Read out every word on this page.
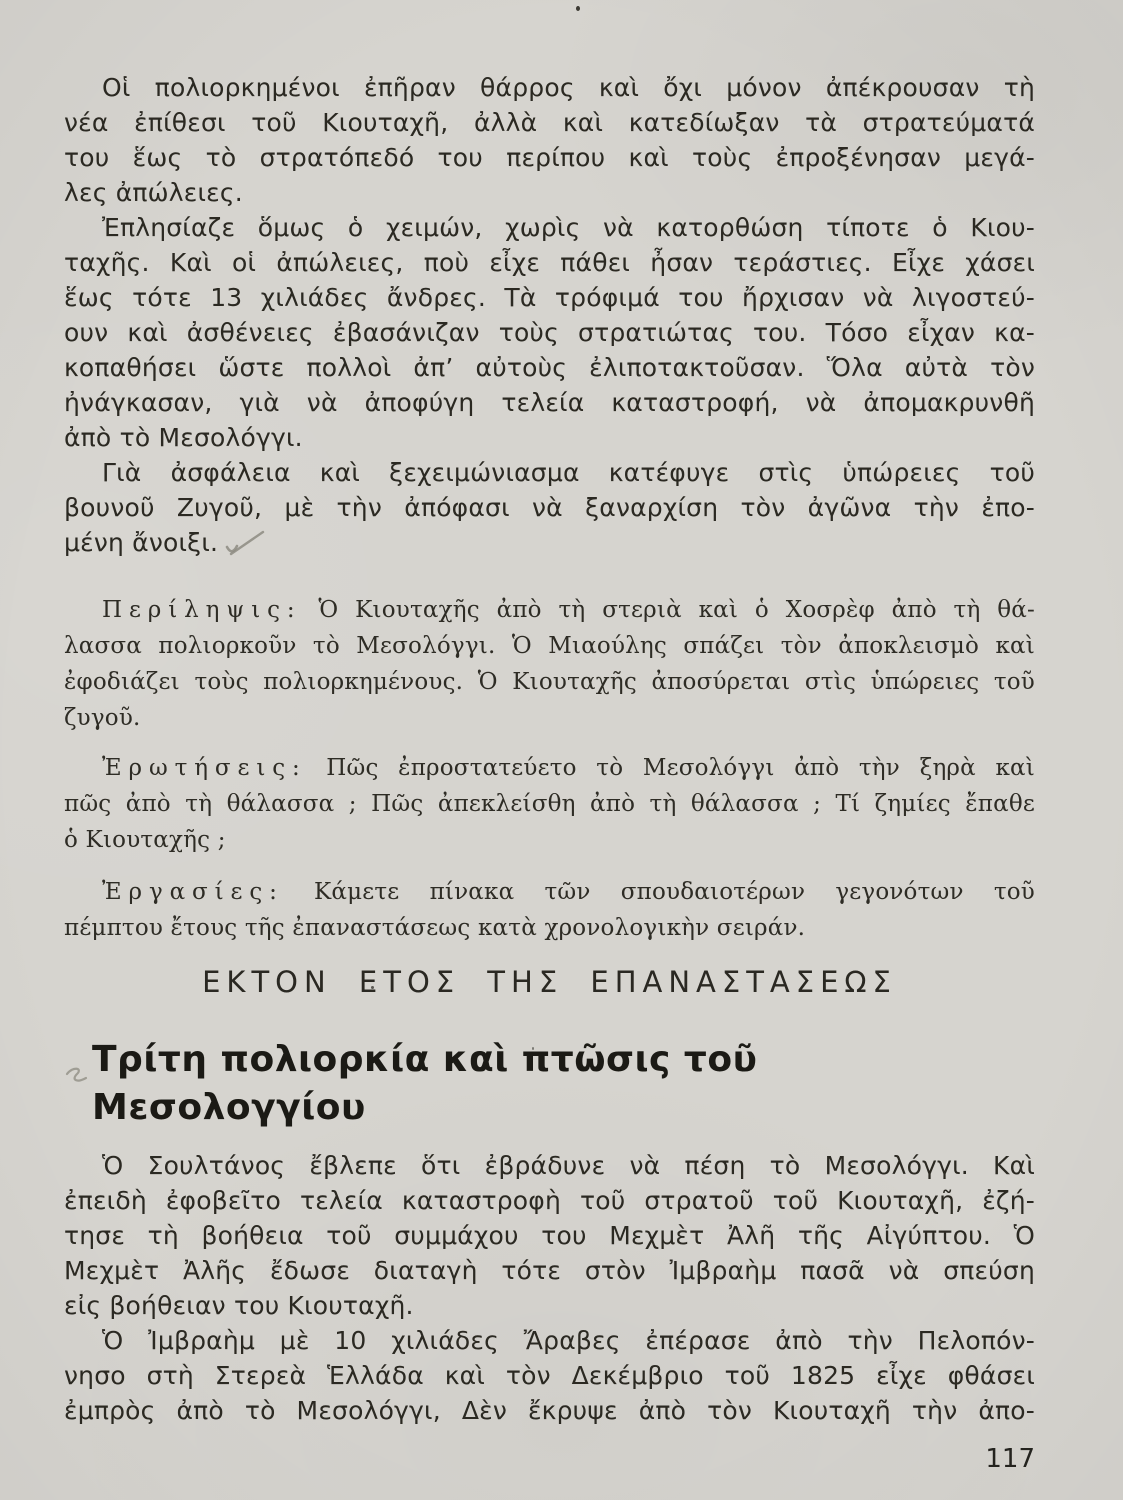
Οἱ πολιορκημένοι ἐπῆραν θάρρος καὶ ὄχι μόνον ἀπέκρουσαν τὴ
νέα ἐπίθεσι τοῦ Κιουταχῆ, ἀλλὰ καὶ κατεδίωξαν τὰ στρατεύματά
του ἕως τὸ στρατόπεδό του περίπου καὶ τοὺς ἐπροξένησαν μεγά-
λες ἀπώλειες.
Ἐπλησίαζε ὅμως ὁ χειμών, χωρὶς νὰ κατορθώση τίποτε ὁ Κιου-
ταχῆς. Καὶ οἱ ἀπώλειες, ποὺ εἶχε πάθει ἦσαν τεράστιες. Εἶχε χάσει
ἕως τότε 13 χιλιάδες ἄνδρες. Τὰ τρόφιμά του ἤρχισαν νὰ λιγοστεύ-
ουν καὶ ἀσθένειες ἐβασάνιζαν τοὺς στρατιώτας του. Τόσο εἶχαν κα-
κοπαθήσει ὥστε πολλοὶ ἀπ’ αὐτοὺς ἐλιποτακτοῦσαν. Ὅλα αὐτὰ τὸν
ἠνάγκασαν, γιὰ νὰ ἀποφύγη τελεία καταστροφή, νὰ ἀπομακρυνθῆ
ἀπὸ τὸ Μεσολόγγι.
Γιὰ ἀσφάλεια καὶ ξεχειμώνιασμα κατέφυγε στὶς ὑπώρειες τοῦ
βουνοῦ Ζυγοῦ, μὲ τὴν ἀπόφασι νὰ ξαναρχίση τὸν ἀγῶνα τὴν ἐπο-
μένη ἄνοιξι.
Περίληψις: Ὁ Κιουταχῆς ἀπὸ τὴ στεριὰ καὶ ὁ Χοσρὲφ ἀπὸ τὴ θά-
λασσα πολιορκοῦν τὸ Μεσολόγγι. Ὁ Μιαούλης σπάζει τὸν ἀποκλεισμὸ καὶ
ἐφοδιάζει τοὺς πολιορκημένους. Ὁ Κιουταχῆς ἀποσύρεται στὶς ὑπώρειες τοῦ
ζυγοῦ.
Ἐρωτήσεις: Πῶς ἐπροστατεύετο τὸ Μεσολόγγι ἀπὸ τὴν ξηρὰ καὶ
πῶς ἀπὸ τὴ θάλασσα ; Πῶς ἀπεκλείσθη ἀπὸ τὴ θάλασσα ; Τί ζημίες ἔπαθε
ὁ Κιουταχῆς ;
Ἐργασίες: Κάμετε πίνακα τῶν σπουδαιοτέρων γεγονότων τοῦ
πέμπτου ἔτους τῆς ἐπαναστάσεως κατὰ χρονολογικὴν σειράν.
ΕΚΤΟΝ ΕΤΟΣ ΤΗΣ ΕΠΑΝΑΣΤΑΣΕΩΣ
Τρίτη πολιορκία καὶ πτῶσις τοῦ Μεσολογγίου
Ὁ Σουλτάνος ἔβλεπε ὅτι ἐβράδυνε νὰ πέση τὸ Μεσολόγγι. Καὶ
ἐπειδὴ ἐφοβεῖτο τελεία καταστροφὴ τοῦ στρατοῦ τοῦ Κιουταχῆ, ἐζή-
τησε τὴ βοήθεια τοῦ συμμάχου του Μεχμὲτ Ἀλῆ τῆς Αἰγύπτου. Ὁ
Μεχμὲτ Ἀλῆς ἔδωσε διαταγὴ τότε στὸν Ἰμβραὴμ πασᾶ νὰ σπεύση
εἰς βοήθειαν του Κιουταχῆ.
Ὁ Ἰμβραὴμ μὲ 10 χιλιάδες Ἄραβες ἐπέρασε ἀπὸ τὴν Πελοπόν-
νησο στὴ Στερεὰ Ἑλλάδα καὶ τὸν Δεκέμβριο τοῦ 1825 εἶχε φθάσει
ἐμπρὸς ἀπὸ τὸ Μεσολόγγι, Δὲν ἔκρυψε ἀπὸ τὸν Κιουταχῆ τὴν ἀπο-
117
